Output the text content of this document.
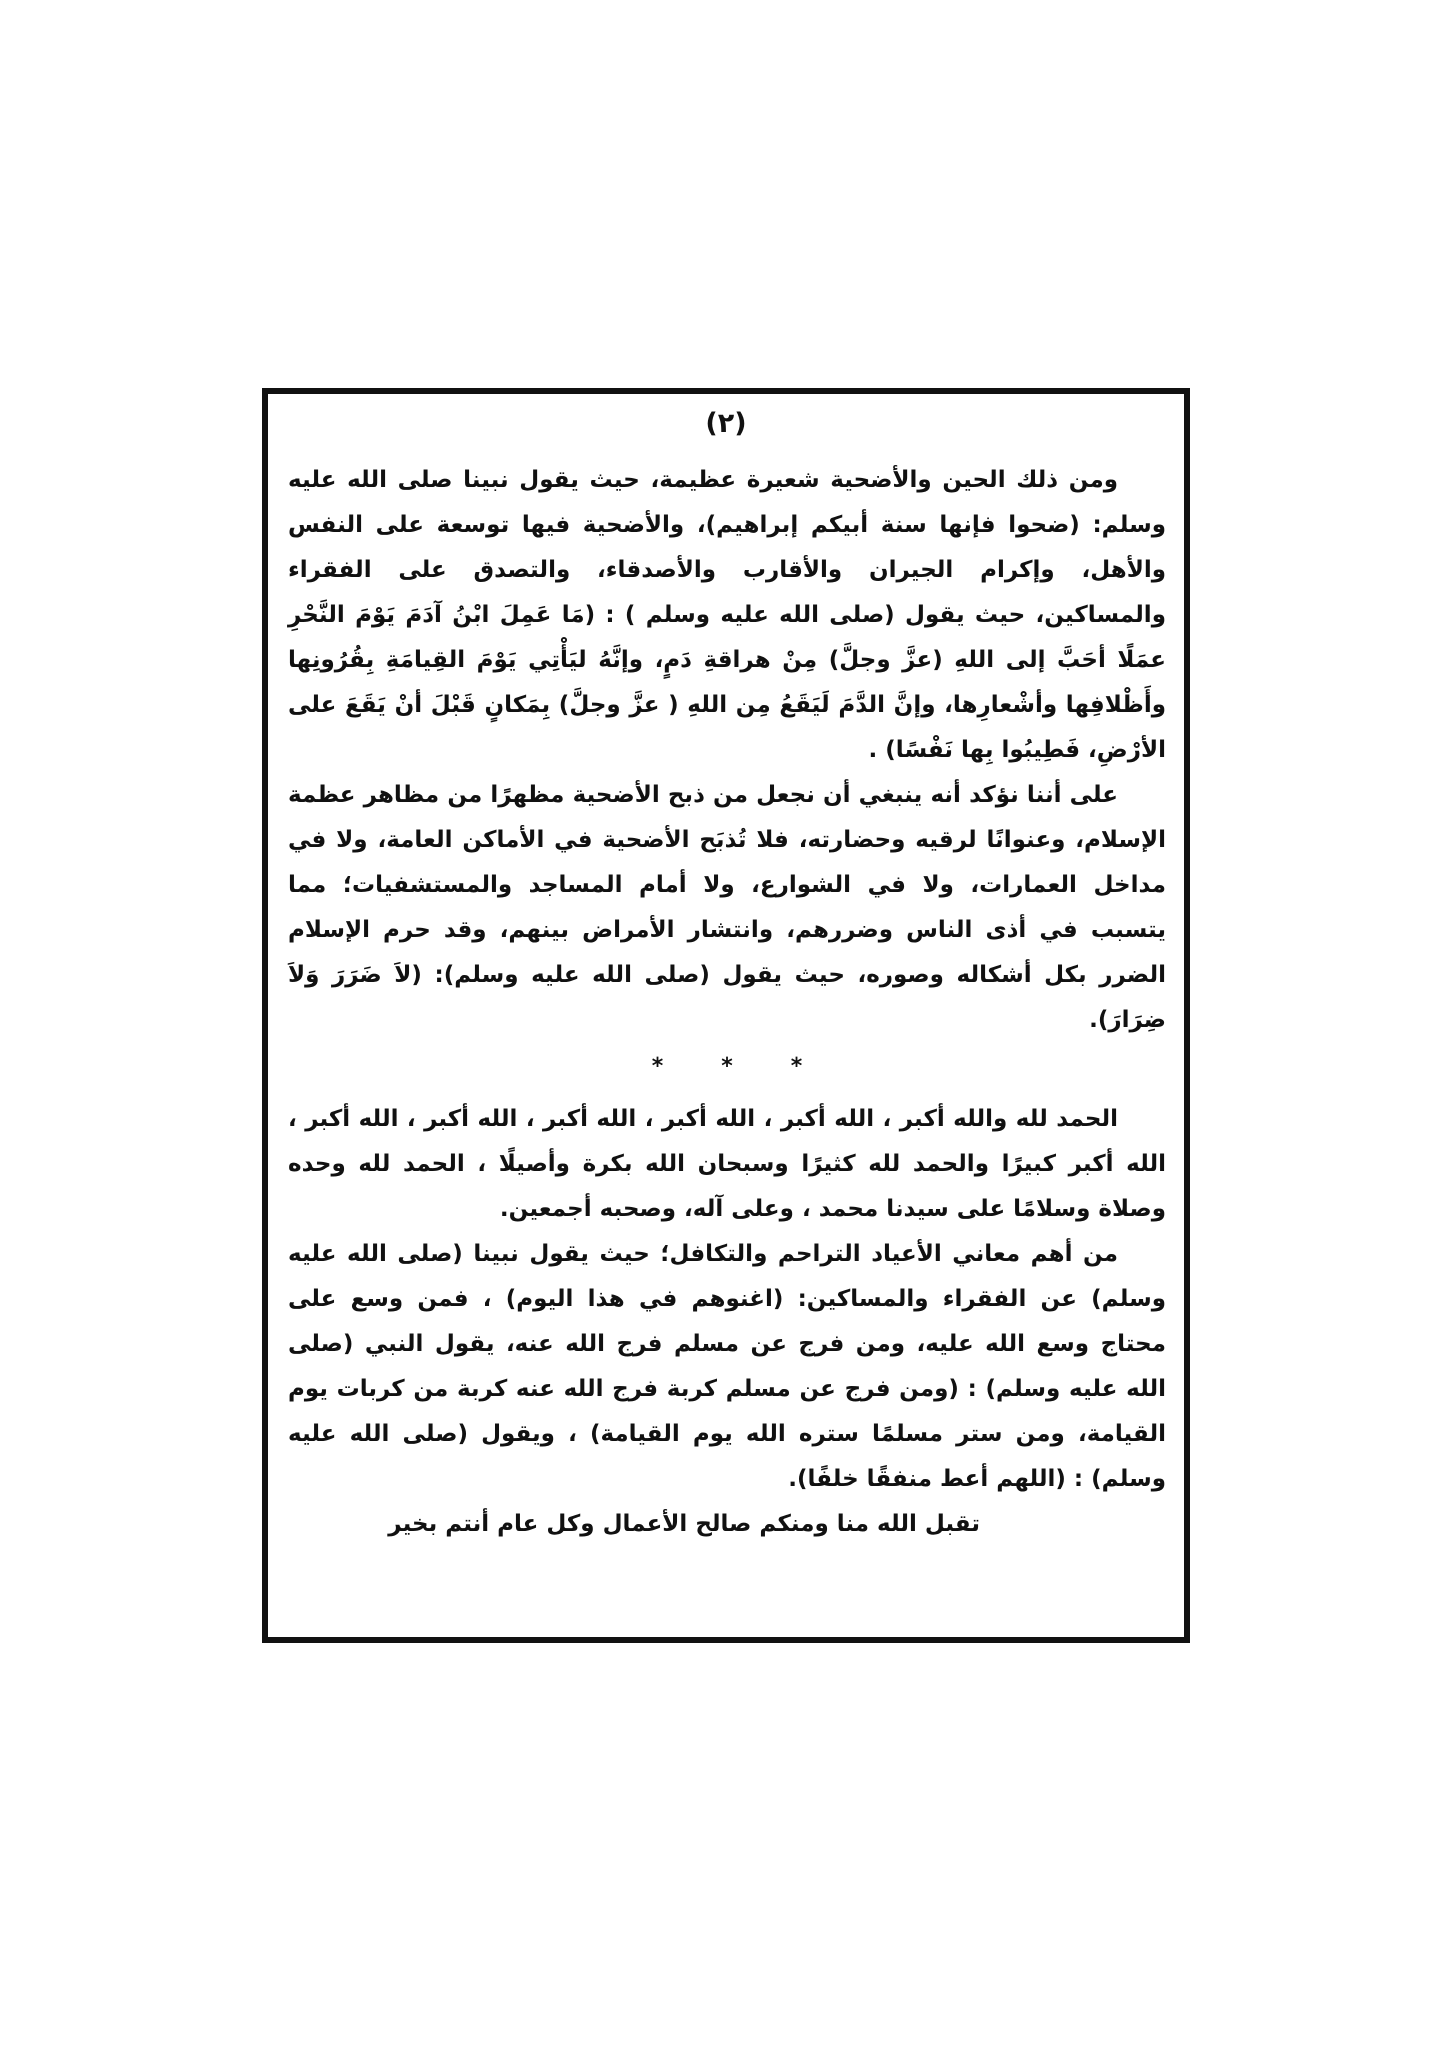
(٢)

ومن ذلك الحين والأضحية شعيرة عظيمة، حيث يقول نبينا صلى الله عليه وسلم: (ضحوا فإنها سنة أبيكم إبراهيم)، والأضحية فيها توسعة على النفس والأهل، وإكرام الجيران والأقارب والأصدقاء، والتصدق على الفقراء والمساكين، حيث يقول (صلى الله عليه وسلم ) : (مَا عَمِلَ ابْنُ آدَمَ يَوْمَ النَّحْرِ عمَلًا أحَبَّ إلى اللهِ (عزَّ وجلَّ) مِنْ هراقةِ دَمٍ، وإنَّهُ ليَأْتِي يَوْمَ القِيامَةِ بِقُرُونِها وأَظْلافِها وأشْعارِها، وإنَّ الدَّمَ لَيَقَعُ مِن اللهِ ( عزَّ وجلَّ) بِمَكانٍ قَبْلَ أنْ يَقَعَ على الأرْضِ، فَطِيبُوا بِها نَفْسًا) .

على أننا نؤكد أنه ينبغي أن نجعل من ذبح الأضحية مظهرًا من مظاهر عظمة الإسلام، وعنوانًا لرقيه وحضارته، فلا تُذبَح الأضحية في الأماكن العامة، ولا في مداخل العمارات، ولا في الشوارع، ولا أمام المساجد والمستشفيات؛ مما يتسبب في أذى الناس وضررهم، وانتشار الأمراض بينهم، وقد حرم الإسلام الضرر بكل أشكاله وصوره، حيث يقول (صلى الله عليه وسلم): (لاَ ضَرَرَ وَلاَ ضِرَارَ).

*	*	*

الحمد لله والله أكبر ، الله أكبر ، الله أكبر ، الله أكبر ، الله أكبر ، الله أكبر ، الله أكبر كبيرًا والحمد لله كثيرًا وسبحان الله بكرة وأصيلًا ، الحمد لله وحده وصلاة وسلامًا على سيدنا محمد ، وعلى آله، وصحبه أجمعين.

من أهم معاني الأعياد التراحم والتكافل؛ حيث يقول نبينا (صلى الله عليه وسلم) عن الفقراء والمساكين: (اغنوهم في هذا اليوم) ، فمن وسع على محتاج وسع الله عليه، ومن فرج عن مسلم فرج الله عنه، يقول النبي (صلى الله عليه وسلم) : (ومن فرج عن مسلم كربة فرج الله عنه كربة من كربات يوم القيامة، ومن ستر مسلمًا ستره الله يوم القيامة) ، ويقول (صلى الله عليه وسلم) : (اللهم أعط منفقًا خلفًا).

تقبل الله منا ومنكم صالح الأعمال وكل عام أنتم بخير
